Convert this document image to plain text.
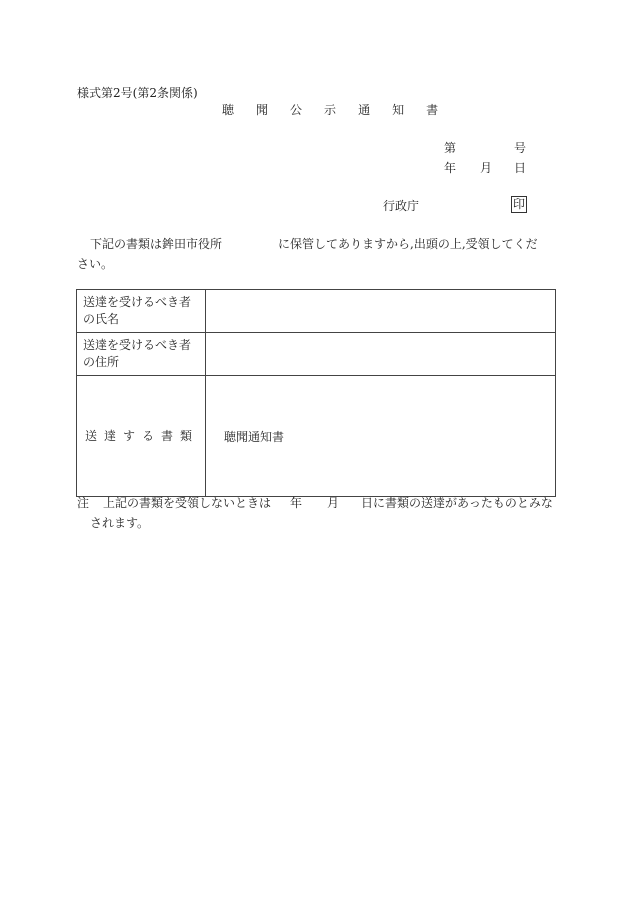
様式第2号(第2条関係)
聴 聞 公 示 通 知 書
第	号
年 月 日
行政庁	印
下記の書類は鉾田市役所	に保管してありますから,出頭の上,受領してくだ
さい。
送達を受けるべき者の氏名	
送達を受けるべき者の住所	
送達する書類	聴聞通知書
注 上記の書類を受領しないときは 年 月 日に書類の送達があったものとみな
されます。
